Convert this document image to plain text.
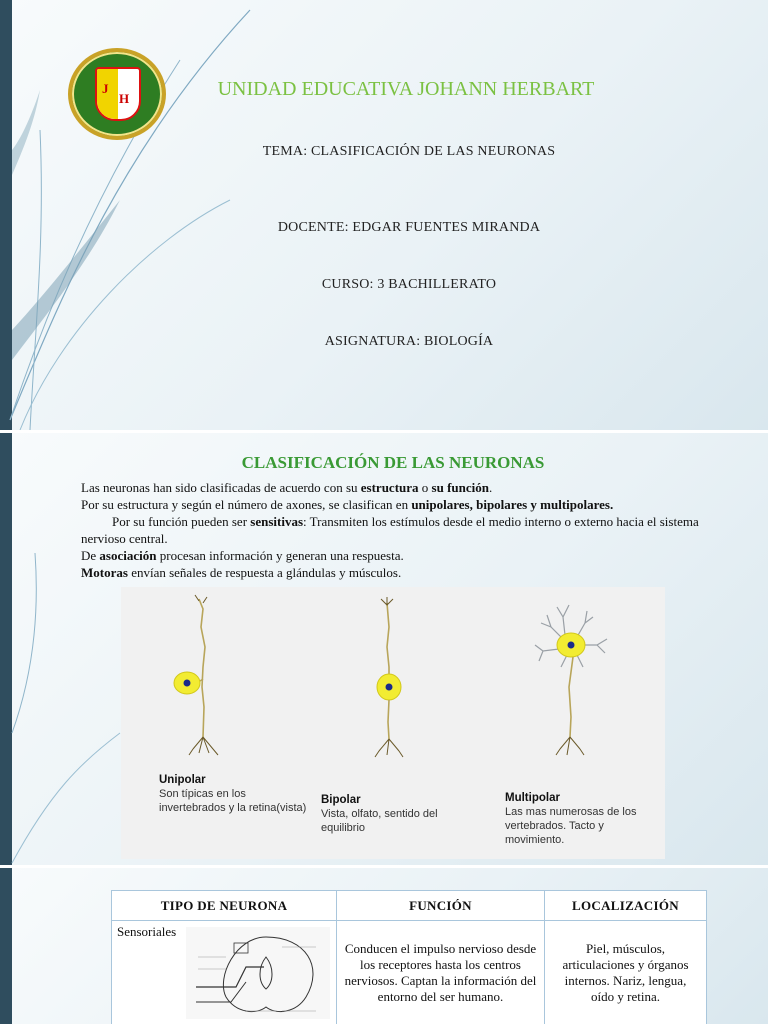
J
H	UNIDAD EDUCATIVA JOHANN HERBART
TEMA: CLASIFICACIÓN DE LAS NEURONAS
DOCENTE: EDGAR FUENTES MIRANDA
CURSO: 3 BACHILLERATO
ASIGNATURA: BIOLOGÍA
CLASIFICACIÓN DE LAS NEURONAS

Las neuronas han sido clasificadas de acuerdo con su estructura o su función.

Por su estructura y según el número de axones, se clasifican en unipolares, bipolares y multipolares.

Por su función pueden ser sensitivas: Transmiten los estímulos desde el medio interno o externo hacia el sistema nervioso central.

De asociación procesan información y generan una respuesta.

Motoras envían señales de respuesta a glándulas y músculos.

Unipolar
Son típicas en los invertebrados y la retina(vista)
Bipolar
Vista, olfato, sentido del equilibrio
Multipolar
Las mas numerosas de los vertebrados. Tacto y movimiento.
TIPO DE NEURONA	FUNCIÓN	LOCALIZACIÓN
Sensoriales	Conducen el impulso nervioso desde los receptores hasta los centros nerviosos. Captan la información del entorno del ser humano.	Piel, músculos, articulaciones y órganos internos. Nariz, lengua, oído y retina.
